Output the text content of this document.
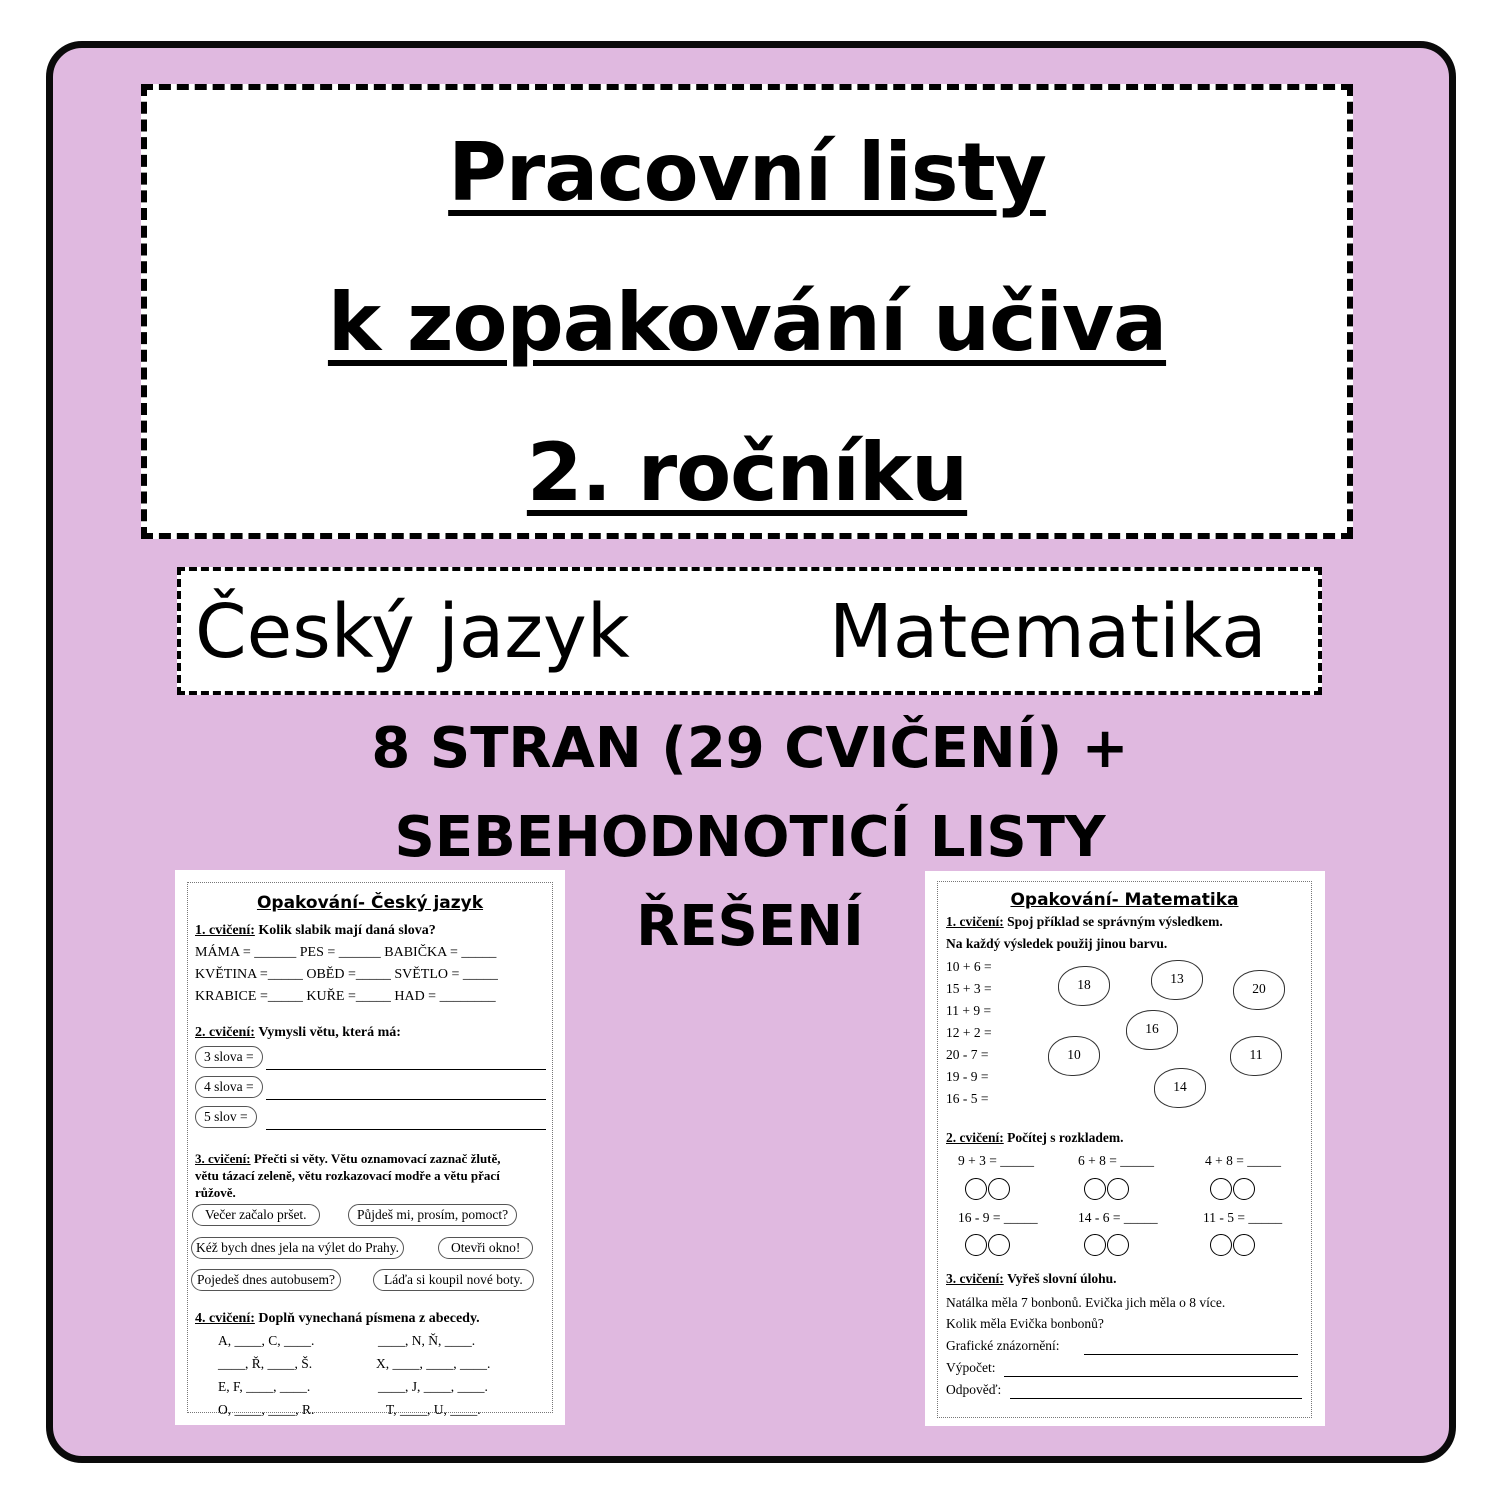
Pracovní listy
k zopakování učiva
2. ročníku
Český jazyk	Matematika
8 STRAN (29 CVIČENÍ) +
SEBEHODNOTICÍ LISTY
ŘEŠENÍ
Opakování- Český jazyk
1. cvičení: Kolik slabik mají daná slova?
MÁMA = ______ PES = ______ BABIČKA = _____
KVĚTINA =_____ OBĚD =_____ SVĚTLO = _____
KRABICE =_____ KUŘE =_____ HAD = ________
2. cvičení: Vymysli větu, která má:
3 slova =
4 slova =
5 slov =
3. cvičení: Přečti si věty. Větu oznamovací zaznač žlutě,
větu tázací zeleně, větu rozkazovací modře a větu přací
růžově.
Večer začalo pršet.	Půjdeš mi, prosím, pomoct?
Kéž bych dnes jela na výlet do Prahy.	Otevři okno!
Pojedeš dnes autobusem?	Láďa si koupil nové boty.
4. cvičení: Doplň vynechaná písmena z abecedy.
A, ____, C, ____.
____, Ř, ____, Š.
E, F, ____, ____.
O, ____, ____, R.
____, N, Ň, ____.
X, ____, ____, ____.
____, J, ____, ____.
T, ____, U, ____.
Opakování- Matematika
1. cvičení: Spoj příklad se správným výsledkem.
Na každý výsledek použij jinou barvu.
10 + 6 =
15 + 3 =
11 + 9 =
12 + 2 =
20 - 7 =
19 - 9 =
16 - 5 =
18	13
20
16
10	11
14
2. cvičení: Počítej s rozkladem.
9 + 3 = _____	6 + 8 = _____	4 + 8 = _____
16 - 9 = _____	14 - 6 = _____	11 - 5 = _____
3. cvičení: Vyřeš slovní úlohu.
Natálka měla 7 bonbonů. Evička jich měla o 8 více.
Kolik měla Evička bonbonů?
Grafické znázornění:
Výpočet:
Odpověď:
